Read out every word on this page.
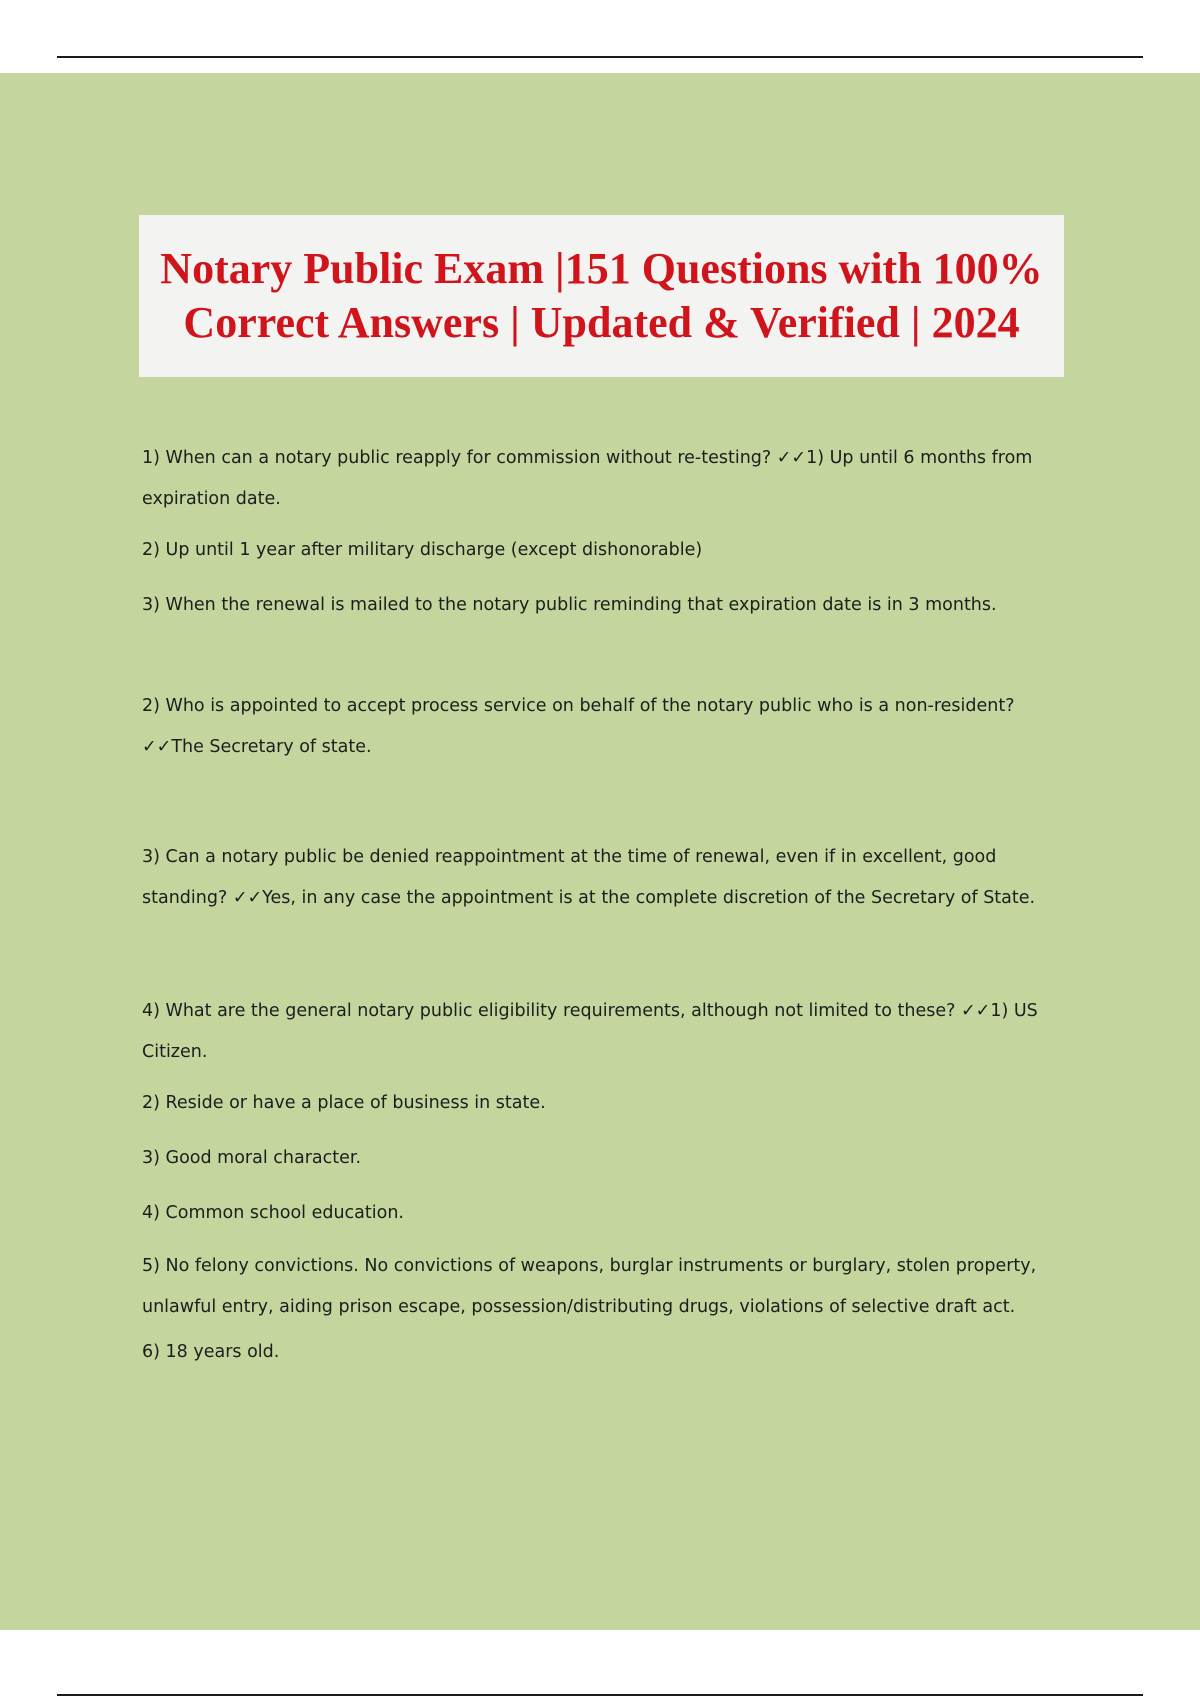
Notary Public Exam |151 Questions with 100% Correct Answers | Updated & Verified | 2024

1) When can a notary public reapply for commission without re-testing? ✓✓1) Up until 6 months from expiration date.

2) Up until 1 year after military discharge (except dishonorable)

3) When the renewal is mailed to the notary public reminding that expiration date is in 3 months.

2) Who is appointed to accept process service on behalf of the notary public who is a non-resident? ✓✓The Secretary of state.

3) Can a notary public be denied reappointment at the time of renewal, even if in excellent, good standing? ✓✓Yes, in any case the appointment is at the complete discretion of the Secretary of State.

4) What are the general notary public eligibility requirements, although not limited to these? ✓✓1) US Citizen.

2) Reside or have a place of business in state.

3) Good moral character.

4) Common school education.

5) No felony convictions. No convictions of weapons, burglar instruments or burglary, stolen property, unlawful entry, aiding prison escape, possession/distributing drugs, violations of selective draft act.

6) 18 years old.
